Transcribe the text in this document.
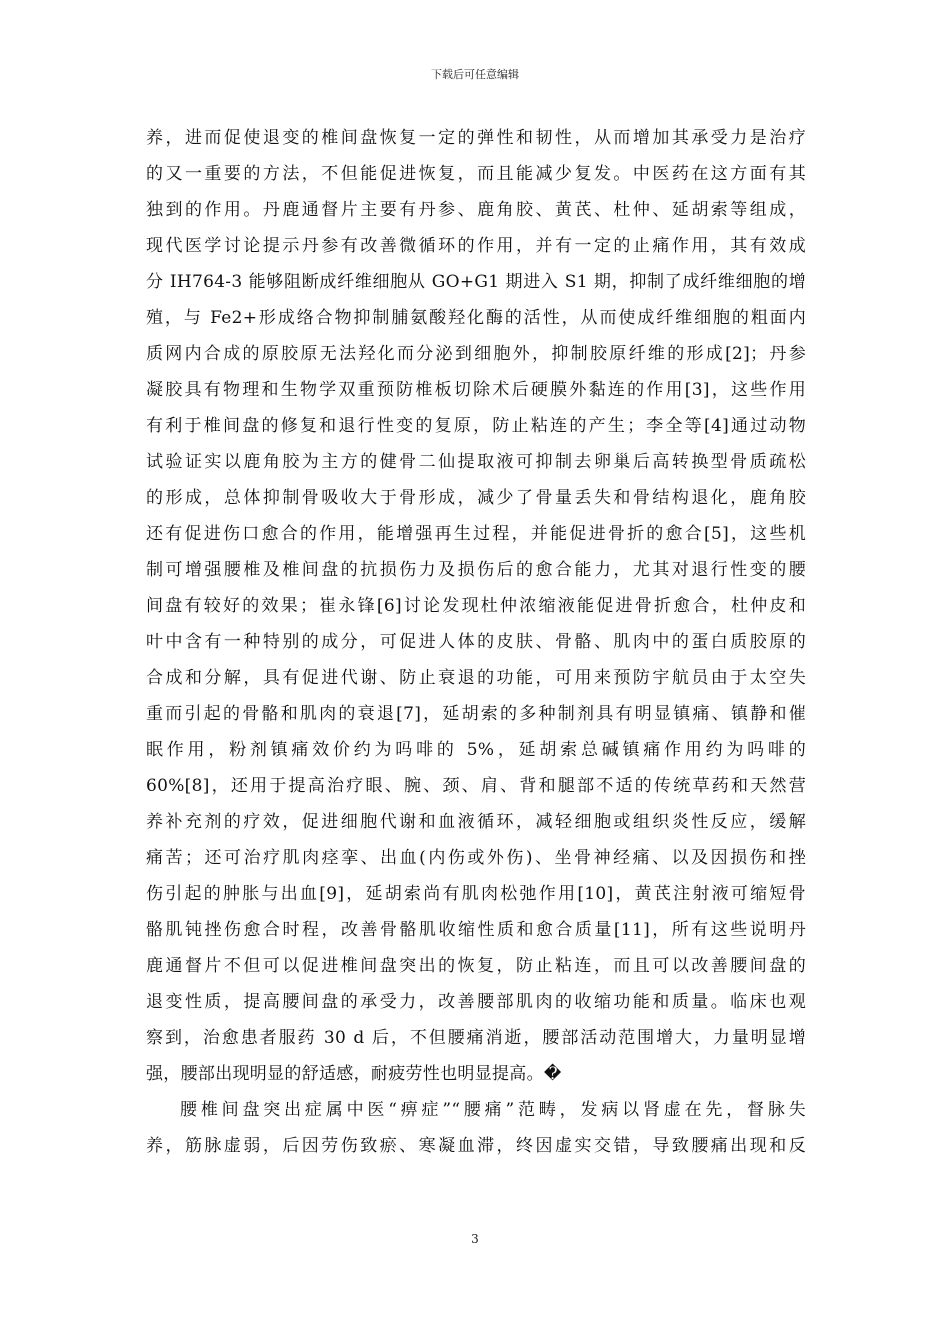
下载后可任意编辑
养，进而促使退变的椎间盘恢复一定的弹性和韧性，从而增加其承受力是治疗
的又一重要的方法，不但能促进恢复，而且能减少复发。中医药在这方面有其
独到的作用。丹鹿通督片主要有丹参、鹿角胶、黄芪、杜仲、延胡索等组成，
现代医学讨论提示丹参有改善微循环的作用，并有一定的止痛作用，其有效成
分 IH764-3 能够阻断成纤维细胞从 GO+G1 期进入 S1 期，抑制了成纤维细胞的增
殖，与 Fe2+形成络合物抑制脯氨酸羟化酶的活性，从而使成纤维细胞的粗面内
质网内合成的原胶原无法羟化而分泌到细胞外，抑制胶原纤维的形成[2]；丹参
凝胶具有物理和生物学双重预防椎板切除术后硬膜外黏连的作用[3]，这些作用
有利于椎间盘的修复和退行性变的复原，防止粘连的产生；李全等[4]通过动物
试验证实以鹿角胶为主方的健骨二仙提取液可抑制去卵巢后高转换型骨质疏松
的形成，总体抑制骨吸收大于骨形成，减少了骨量丢失和骨结构退化，鹿角胶
还有促进伤口愈合的作用，能增强再生过程，并能促进骨折的愈合[5]，这些机
制可增强腰椎及椎间盘的抗损伤力及损伤后的愈合能力，尤其对退行性变的腰
间盘有较好的效果；崔永锋[6]讨论发现杜仲浓缩液能促进骨折愈合，杜仲皮和
叶中含有一种特别的成分，可促进人体的皮肤、骨骼、肌肉中的蛋白质胶原的
合成和分解，具有促进代谢、防止衰退的功能，可用来预防宇航员由于太空失
重而引起的骨骼和肌肉的衰退[7]，延胡索的多种制剂具有明显镇痛、镇静和催
眠作用，粉剂镇痛效价约为吗啡的 5%，延胡索总碱镇痛作用约为吗啡的
60%[8]，还用于提高治疗眼、腕、颈、肩、背和腿部不适的传统草药和天然营
养补充剂的疗效，促进细胞代谢和血液循环，减轻细胞或组织炎性反应，缓解
痛苦；还可治疗肌肉痉挛、出血(内伤或外伤)、坐骨神经痛、以及因损伤和挫
伤引起的肿胀与出血[9]，延胡索尚有肌肉松弛作用[10]，黄芪注射液可缩短骨
骼肌钝挫伤愈合时程，改善骨骼肌收缩性质和愈合质量[11]，所有这些说明丹
鹿通督片不但可以促进椎间盘突出的恢复，防止粘连，而且可以改善腰间盘的
退变性质，提高腰间盘的承受力，改善腰部肌肉的收缩功能和质量。临床也观
察到，治愈患者服药 30 d 后，不但腰痛消逝，腰部活动范围增大，力量明显增
强，腰部出现明显的舒适感，耐疲劳性也明显提高。�
腰椎间盘突出症属中医“痹症”“腰痛”范畴，发病以肾虚在先，督脉失
养，筋脉虚弱，后因劳伤致瘀、寒凝血滞，终因虚实交错，导致腰痛出现和反
3
